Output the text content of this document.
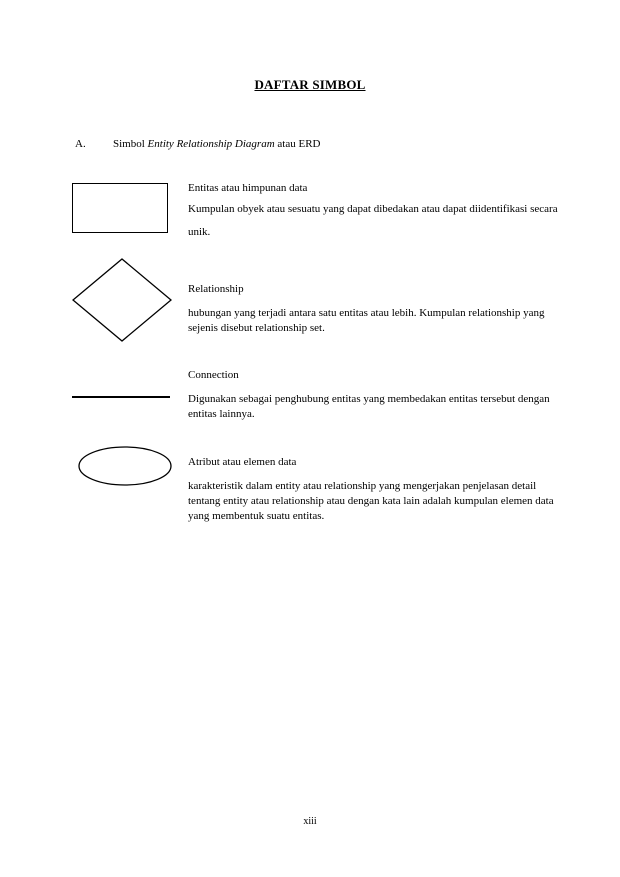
DAFTAR SIMBOL
A. Simbol Entity Relationship Diagram atau ERD
Entitas atau himpunan data
Kumpulan obyek atau sesuatu yang dapat dibedakan atau dapat diidentifikasi secara unik.
Relationship
hubungan yang terjadi antara satu entitas atau lebih. Kumpulan relationship yang sejenis disebut relationship set.
Connection
Digunakan sebagai penghubung entitas yang membedakan entitas tersebut dengan entitas lainnya.
Atribut atau elemen data
karakteristik dalam entity atau relationship yang mengerjakan penjelasan detail tentang entity atau relationship atau dengan kata lain adalah kumpulan elemen data yang membentuk suatu entitas.
xiii
